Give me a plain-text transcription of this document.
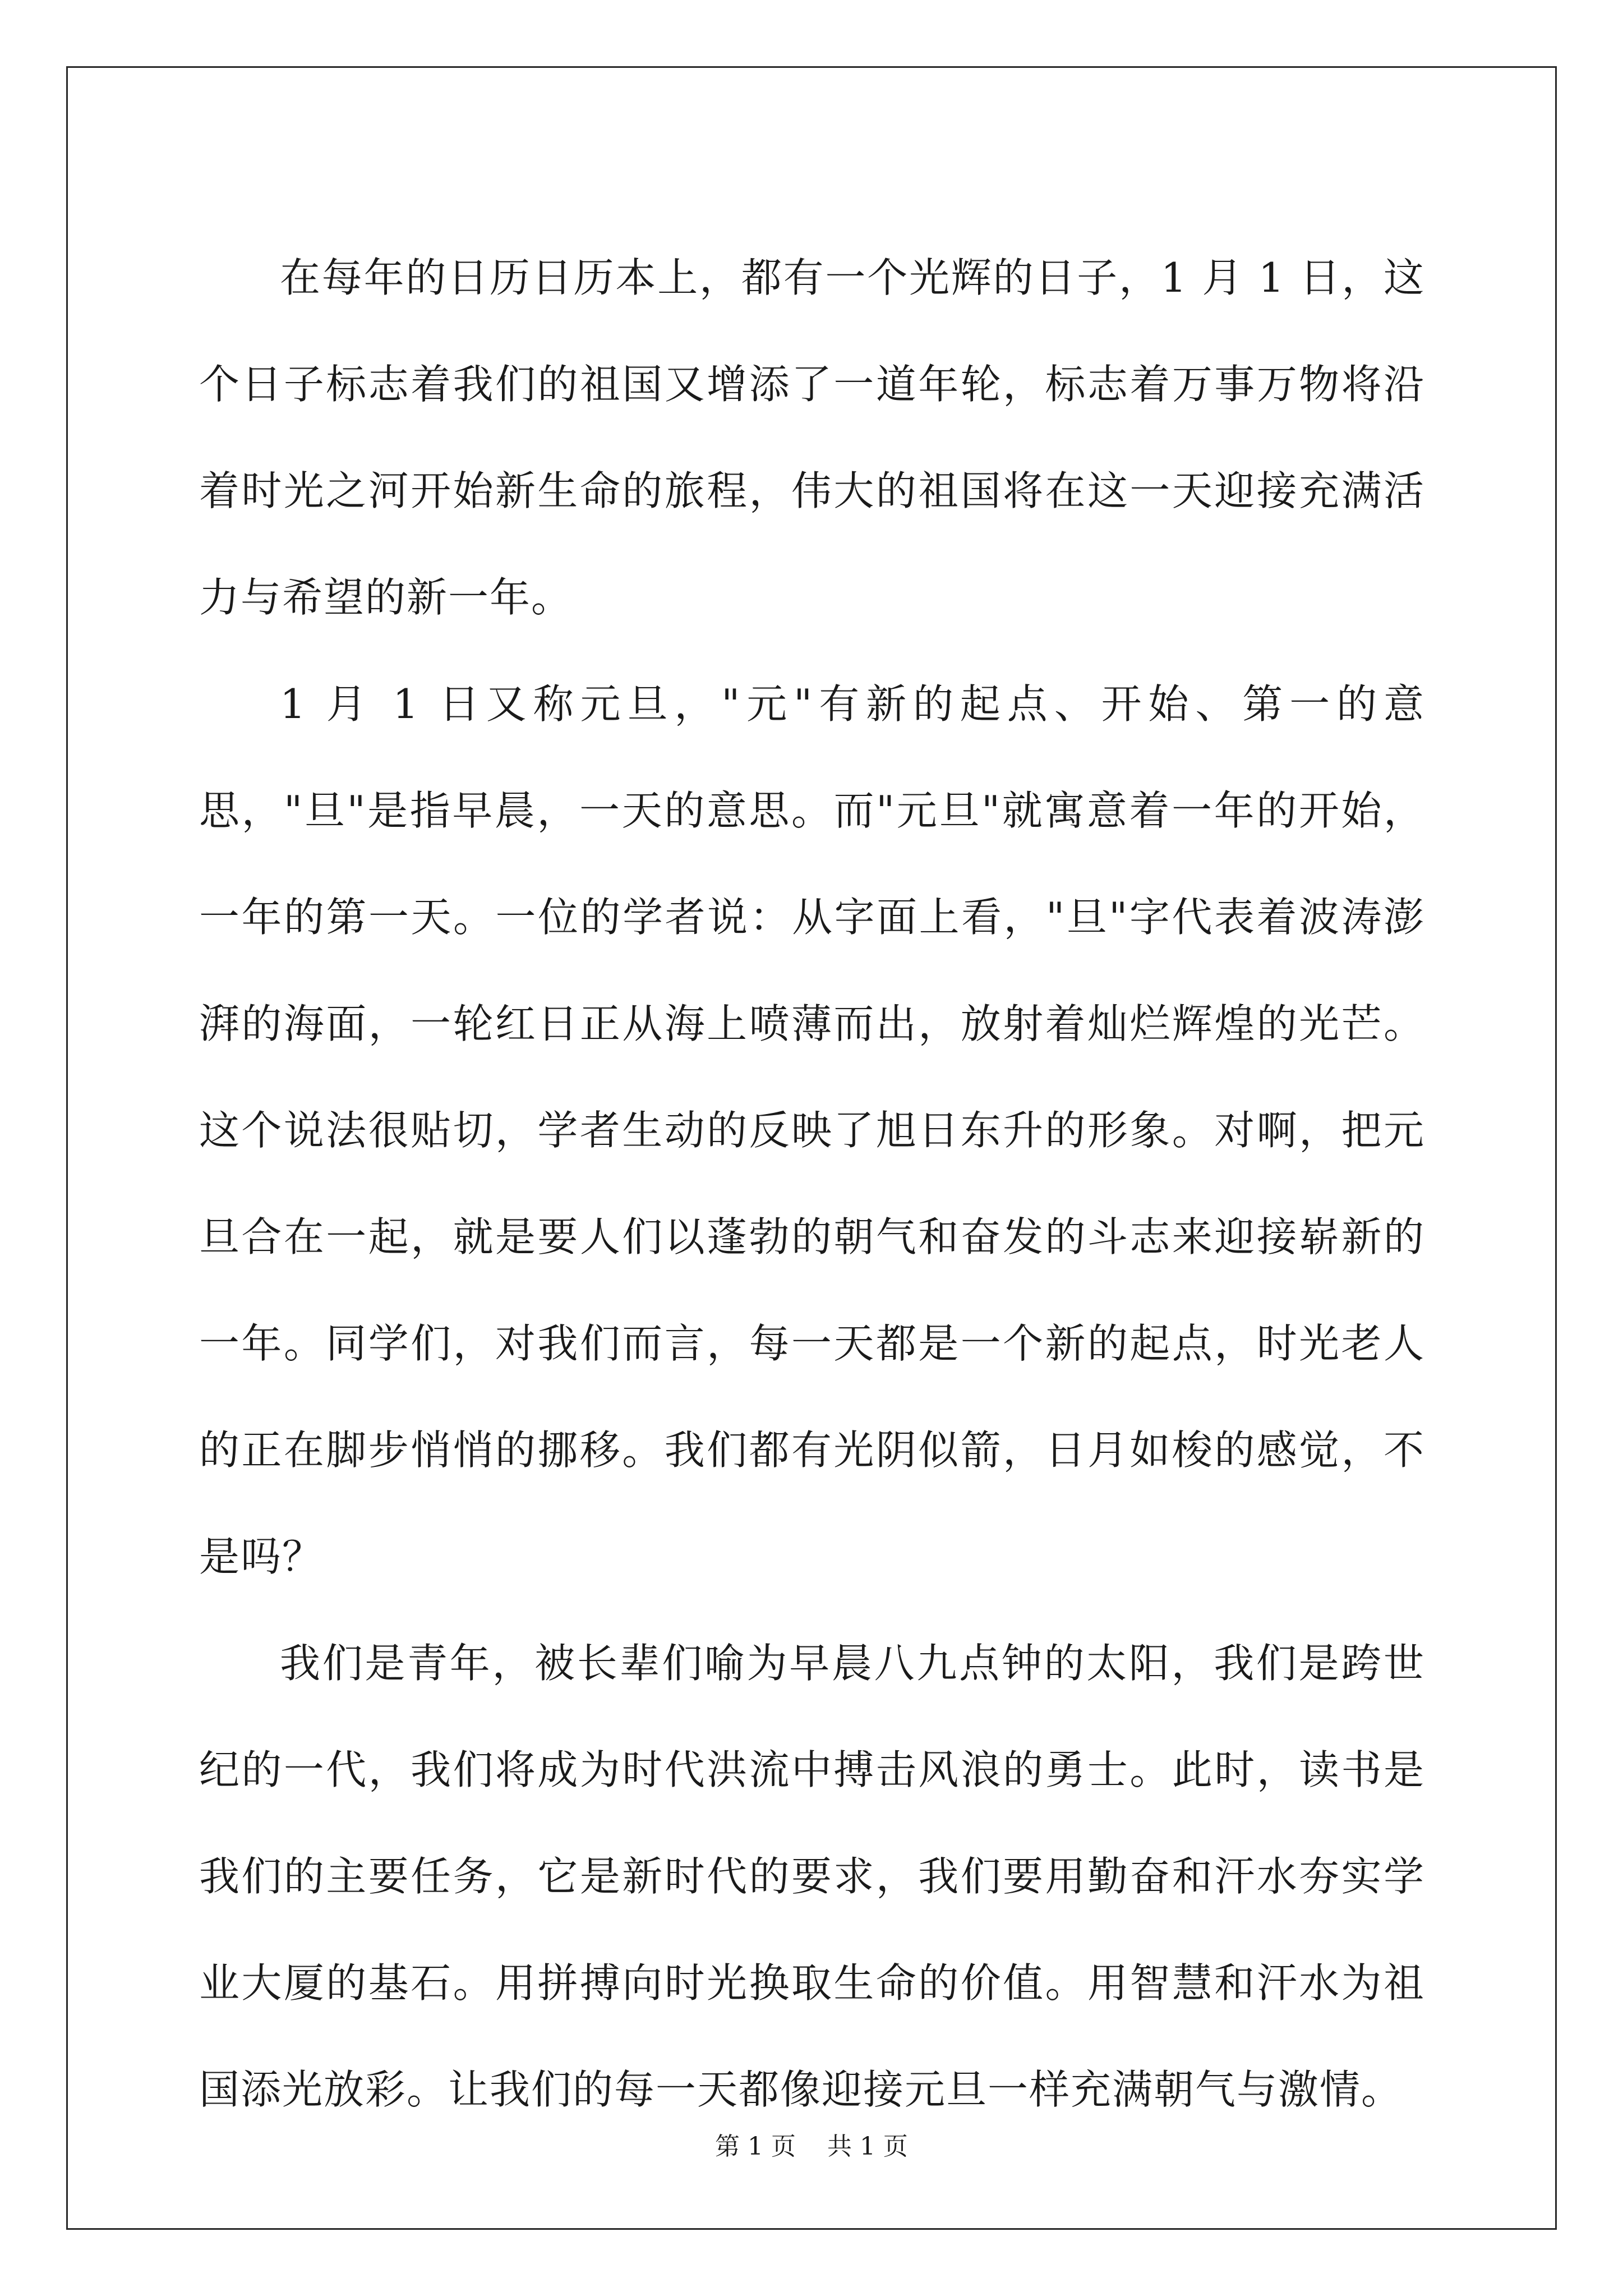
在每年的日历日历本上，都有一个光辉的日子，1 月 1 日，这个日子标志着我们的祖国又增添了一道年轮，标志着万事万物将沿着时光之河开始新生命的旅程，伟大的祖国将在这一天迎接充满活力与希望的新一年。

1 月 1 日又称元旦，"元"有新的起点、开始、第一的意思，"旦"是指早晨，一天的意思。而"元旦"就寓意着一年的开始，一年的第一天。一位的学者说：从字面上看，"旦"字代表着波涛澎湃的海面，一轮红日正从海上喷薄而出，放射着灿烂辉煌的光芒。这个说法很贴切，学者生动的反映了旭日东升的形象。对啊，把元旦合在一起，就是要人们以蓬勃的朝气和奋发的斗志来迎接崭新的一年。同学们，对我们而言，每一天都是一个新的起点，时光老人的正在脚步悄悄的挪移。我们都有光阴似箭，日月如梭的感觉，不是吗？

我们是青年，被长辈们喻为早晨八九点钟的太阳，我们是跨世纪的一代，我们将成为时代洪流中搏击风浪的勇士。此时，读书是我们的主要任务，它是新时代的要求，我们要用勤奋和汗水夯实学业大厦的基石。用拼搏向时光换取生命的价值。用智慧和汗水为祖国添光放彩。让我们的每一天都像迎接元旦一样充满朝气与激情。

第 1 页    共 1 页
